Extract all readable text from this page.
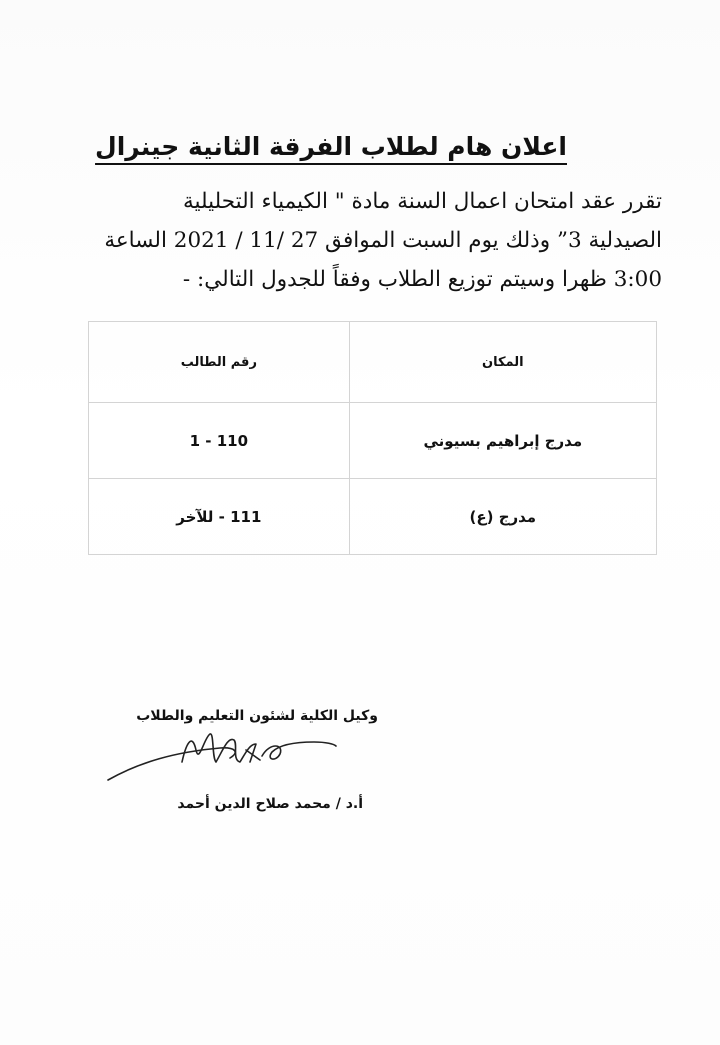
اعلان هام لطلاب الفرقة الثانية جينرال
تقرر عقد امتحان اعمال السنة مادة " الكيمياء التحليلية
الصيدلية 3” وذلك يوم السبت الموافق 27 /11 / 2021 الساعة
3:00 ظهرا وسيتم توزيع الطلاب وفقاً للجدول التالي: -
المكان	رقم الطالب
مدرج إبراهيم بسيوني	1 - 110
مدرج (ع)	111 - للآخر
وكيل الكلية لشئون التعليم والطلاب
أ.د / محمد صلاح الدين أحمد
